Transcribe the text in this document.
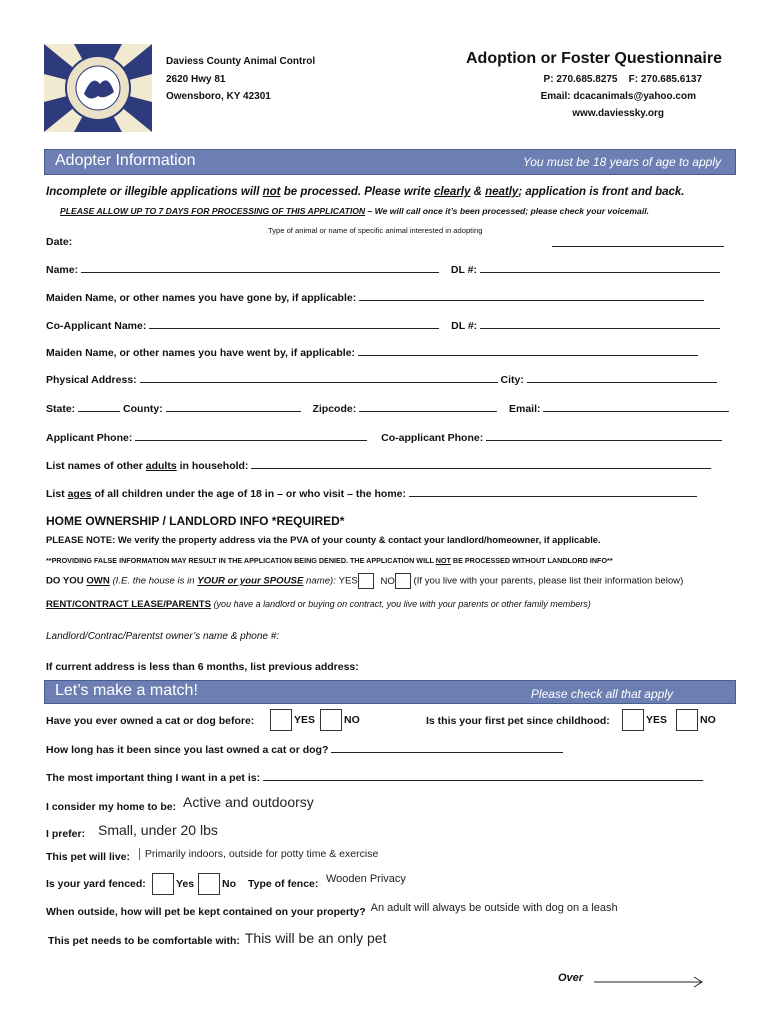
Daviess County Animal Control
2620 Hwy 81
Owensboro, KY 42301
Adoption or Foster Questionnaire
P: 270.685.8275    F: 270.685.6137
Email: dcacanimals@yahoo.com
www.daviessky.org
Adopter Information	You must be 18 years of age to apply
Incomplete or illegible applications will not be processed. Please write clearly & neatly; application is front and back.
PLEASE ALLOW UP TO 7 DAYS FOR PROCESSING OF THIS APPLICATION – We will call once it’s been processed; please check your voicemail.
Type of animal or name of specific animal interested in adopting
Date:
Name:	DL #:
Maiden Name, or other names you have gone by, if applicable:
Co-Applicant Name:	DL #:
Maiden Name, or other names you have went by, if applicable:
Physical Address:	City:
State:	County:	Zipcode:	Email:
Applicant Phone:	Co-applicant Phone:
List names of other adults in household:
List ages of all children under the age of 18 in – or who visit – the home:
HOME OWNERSHIP / LANDLORD INFO *REQUIRED*
PLEASE NOTE: We verify the property address via the PVA of your county & contact your landlord/homeowner, if applicable.
**PROVIDING FALSE INFORMATION MAY RESULT IN THE APPLICATION BEING DENIED. THE APPLICATION WILL NOT BE PROCESSED WITHOUT LANDLORD INFO**
DO YOU OWN (I.E. the house is in YOUR or your SPOUSE name): YES NO (If you live with your parents, please list their information below)
RENT/CONTRACT LEASE/PARENTS (you have a landlord or buying on contract, you live with your parents or other family members)
Landlord/Contrac/Parentst owner’s name & phone #:
If current address is less than 6 months, list previous address:
Let’s make a match!	Please check all that apply
Have you ever owned a cat or dog before:	YES	NO	Is this your first pet since childhood:	YES	NO
How long has it been since you last owned a cat or dog?
The most important thing I want in a pet is:
I consider my home to be: Active and outdoorsy
I prefer: Small, under 20 lbs
This pet will live: Primarily indoors, outside for potty time & exercise
Is your yard fenced:	Yes	No Type of fence: Wooden Privacy
When outside, how will pet be kept contained on your property? An adult will always be outside with dog on a leash
This pet needs to be comfortable with: This will be an only pet
Over
